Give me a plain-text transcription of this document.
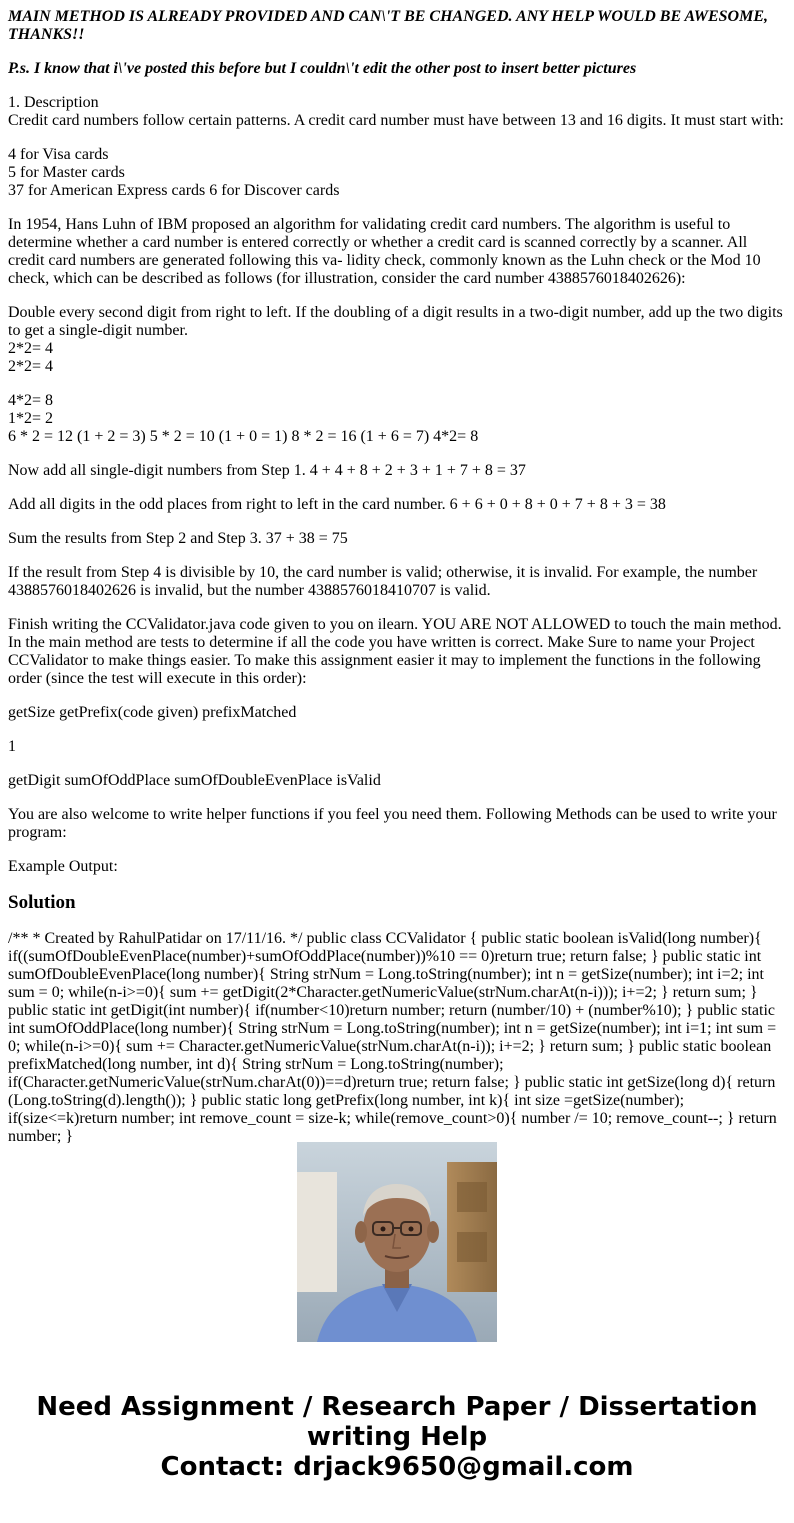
MAIN METHOD IS ALREADY PROVIDED AND CAN\'T BE CHANGED. ANY HELP WOULD BE AWESOME, THANKS!!
P.s. I know that i\'ve posted this before but I couldn\'t edit the other post to insert better pictures

1. Description
Credit card numbers follow certain patterns. A credit card number must have between 13 and 16 digits. It must start with:

4 for Visa cards
5 for Master cards
37 for American Express cards 6 for Discover cards

In 1954, Hans Luhn of IBM proposed an algorithm for validating credit card numbers. The algorithm is useful to determine whether a card number is entered correctly or whether a credit card is scanned correctly by a scanner. All credit card numbers are generated following this va- lidity check, commonly known as the Luhn check or the Mod 10 check, which can be described as follows (for illustration, consider the card number 4388576018402626):

Double every second digit from right to left. If the doubling of a digit results in a two-digit number, add up the two digits to get a single-digit number.
2*2= 4
2*2= 4

4*2= 8
1*2= 2
6 * 2 = 12 (1 + 2 = 3) 5 * 2 = 10 (1 + 0 = 1) 8 * 2 = 16 (1 + 6 = 7) 4*2= 8

Now add all single-digit numbers from Step 1. 4 + 4 + 8 + 2 + 3 + 1 + 7 + 8 = 37

Add all digits in the odd places from right to left in the card number. 6 + 6 + 0 + 8 + 0 + 7 + 8 + 3 = 38

Sum the results from Step 2 and Step 3. 37 + 38 = 75

If the result from Step 4 is divisible by 10, the card number is valid; otherwise, it is invalid. For example, the number 4388576018402626 is invalid, but the number 4388576018410707 is valid.

Finish writing the CCValidator.java code given to you on ilearn. YOU ARE NOT ALLOWED to touch the main method. In the main method are tests to determine if all the code you have written is correct. Make Sure to name your Project CCValidator to make things easier. To make this assignment easier it may to implement the functions in the following order (since the test will execute in this order):

getSize getPrefix(code given) prefixMatched

1

getDigit sumOfOddPlace sumOfDoubleEvenPlace isValid

You are also welcome to write helper functions if you feel you need them. Following Methods can be used to write your program:

Example Output:

Solution

/** * Created by RahulPatidar on 17/11/16. */ public class CCValidator { public static boolean isValid(long number){ if((sumOfDoubleEvenPlace(number)+sumOfOddPlace(number))%10 == 0)return true; return false; } public static int sumOfDoubleEvenPlace(long number){ String strNum = Long.toString(number); int n = getSize(number); int i=2; int sum = 0; while(n-i>=0){ sum += getDigit(2*Character.getNumericValue(strNum.charAt(n-i))); i+=2; } return sum; } public static int getDigit(int number){ if(number<10)return number; return (number/10) + (number%10); } public static int sumOfOddPlace(long number){ String strNum = Long.toString(number); int n = getSize(number); int i=1; int sum = 0; while(n-i>=0){ sum += Character.getNumericValue(strNum.charAt(n-i)); i+=2; } return sum; } public static boolean prefixMatched(long number, int d){ String strNum = Long.toString(number); if(Character.getNumericValue(strNum.charAt(0))==d)return true; return false; } public static int getSize(long d){ return (Long.toString(d).length()); } public static long getPrefix(long number, int k){ int size =getSize(number); if(size<=k)return number; int remove_count = size-k; while(remove_count>0){ number /= 10; remove_count--; } return number; }

Need Assignment / Research Paper / Dissertation writing Help
Contact: drjack9650@gmail.com
